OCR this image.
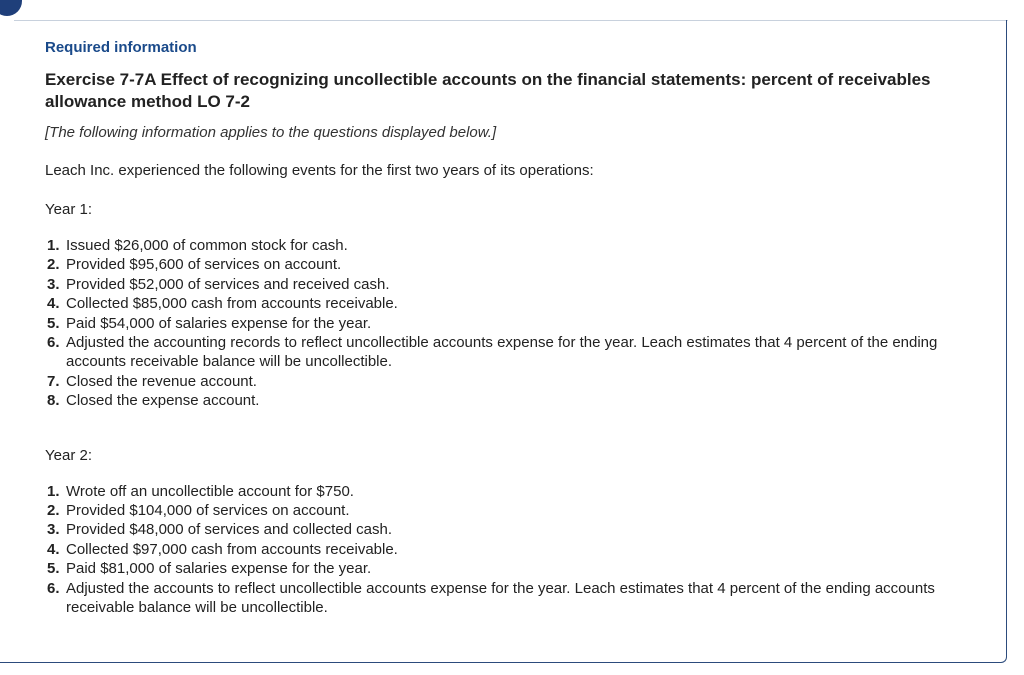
Required information

Exercise 7-7A Effect of recognizing uncollectible accounts on the financial statements: percent of receivables allowance method LO 7-2

[The following information applies to the questions displayed below.]

Leach Inc. experienced the following events for the first two years of its operations:

Year 1:

1. Issued $26,000 of common stock for cash.
2. Provided $95,600 of services on account.
3. Provided $52,000 of services and received cash.
4. Collected $85,000 cash from accounts receivable.
5. Paid $54,000 of salaries expense for the year.
6. Adjusted the accounting records to reflect uncollectible accounts expense for the year. Leach estimates that 4 percent of the ending accounts receivable balance will be uncollectible.
7. Closed the revenue account.
8. Closed the expense account.

Year 2:

1. Wrote off an uncollectible account for $750.
2. Provided $104,000 of services on account.
3. Provided $48,000 of services and collected cash.
4. Collected $97,000 cash from accounts receivable.
5. Paid $81,000 of salaries expense for the year.
6. Adjusted the accounts to reflect uncollectible accounts expense for the year. Leach estimates that 4 percent of the ending accounts receivable balance will be uncollectible.
